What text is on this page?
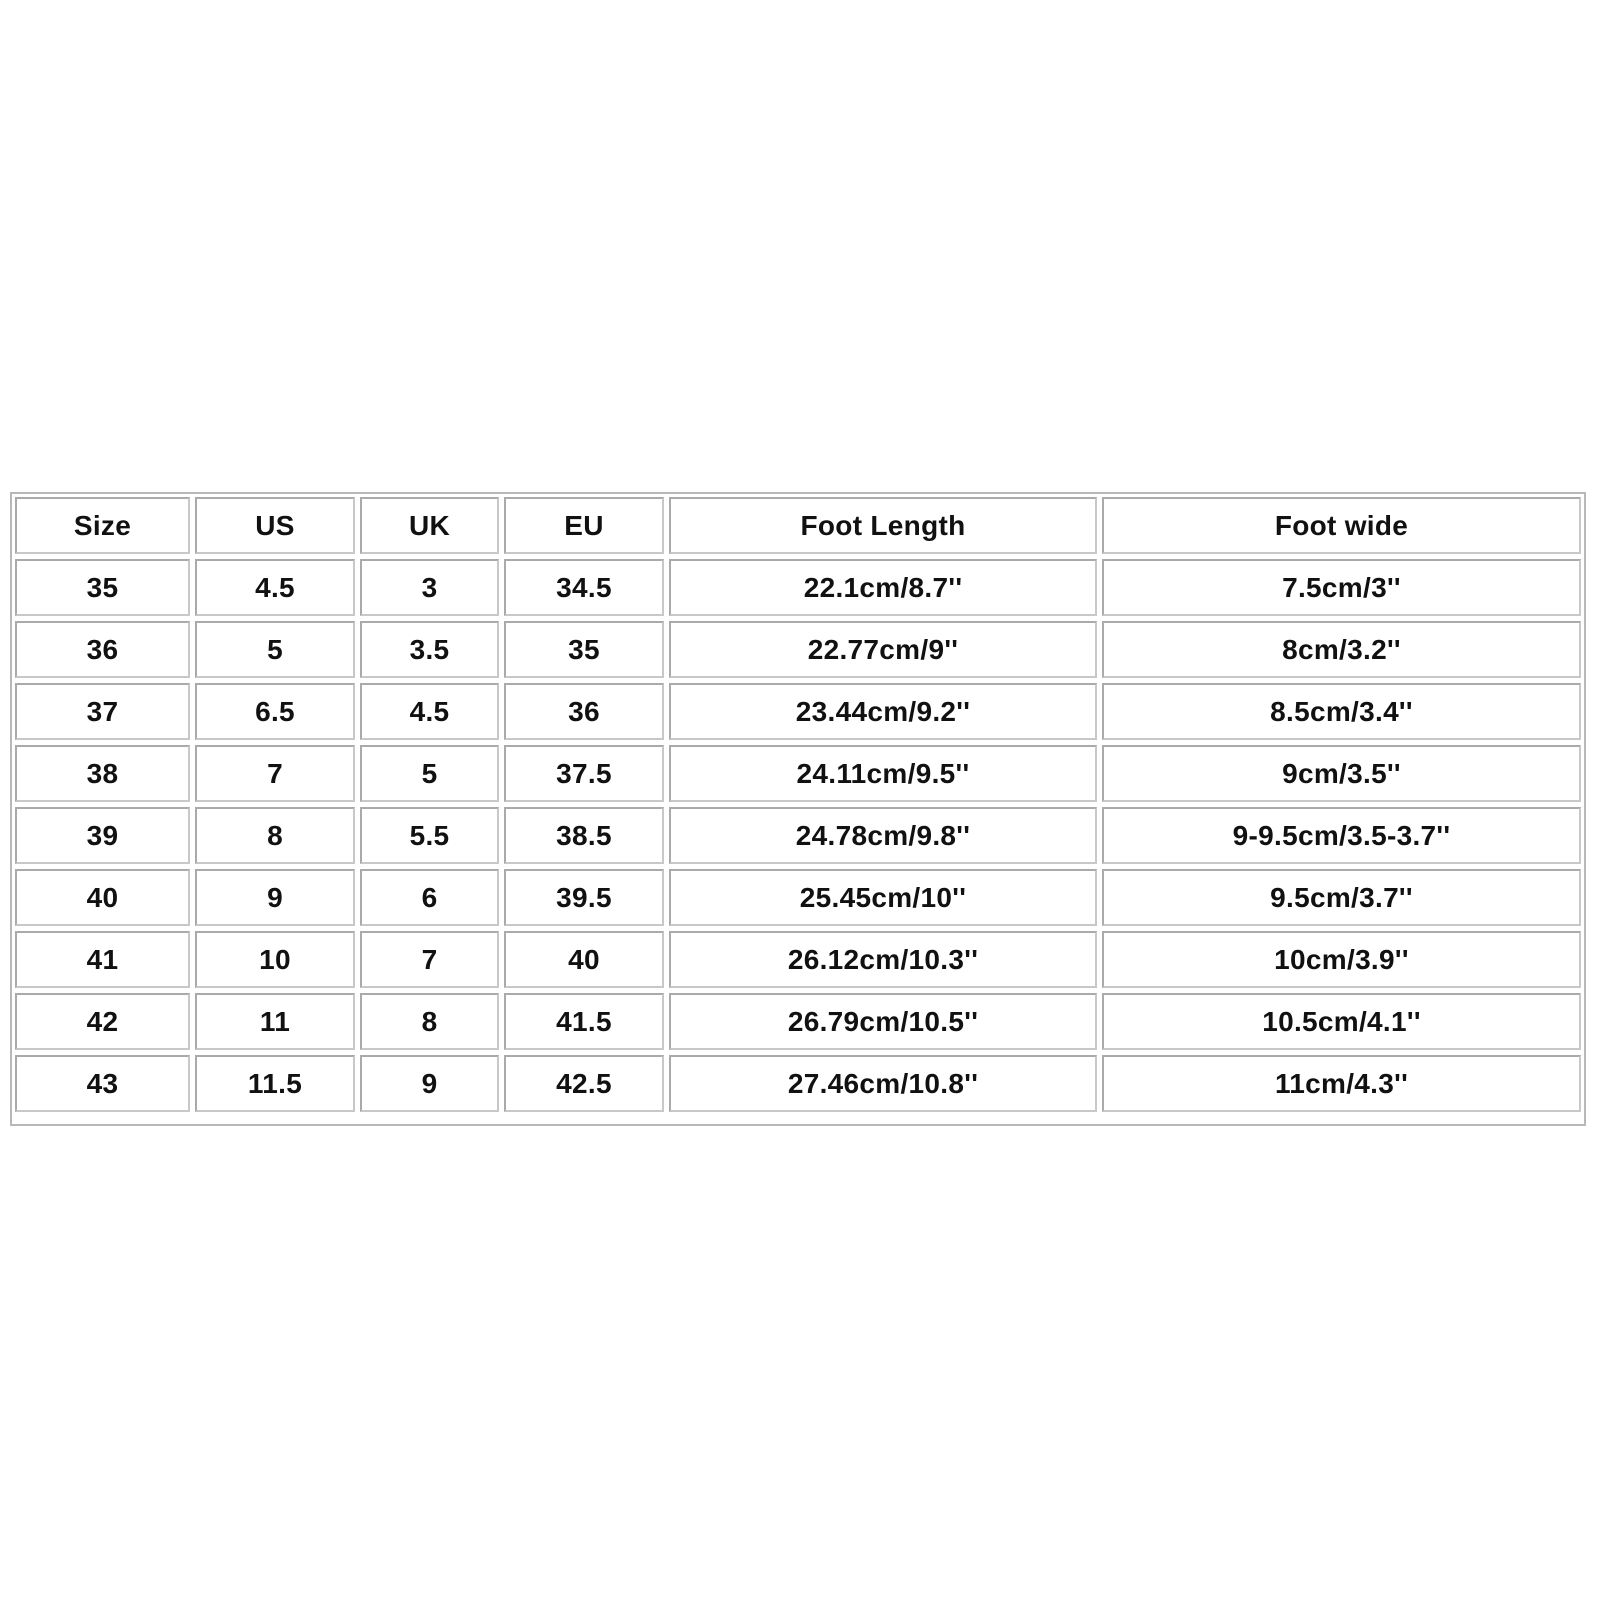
Size	US	UK	EU	Foot Length	Foot wide
35	4.5	3	34.5	22.1cm/8.7''	7.5cm/3''
36	5	3.5	35	22.77cm/9''	8cm/3.2''
37	6.5	4.5	36	23.44cm/9.2''	8.5cm/3.4''
38	7	5	37.5	24.11cm/9.5''	9cm/3.5''
39	8	5.5	38.5	24.78cm/9.8''	9-9.5cm/3.5-3.7''
40	9	6	39.5	25.45cm/10''	9.5cm/3.7''
41	10	7	40	26.12cm/10.3''	10cm/3.9''
42	11	8	41.5	26.79cm/10.5''	10.5cm/4.1''
43	11.5	9	42.5	27.46cm/10.8''	11cm/4.3''
